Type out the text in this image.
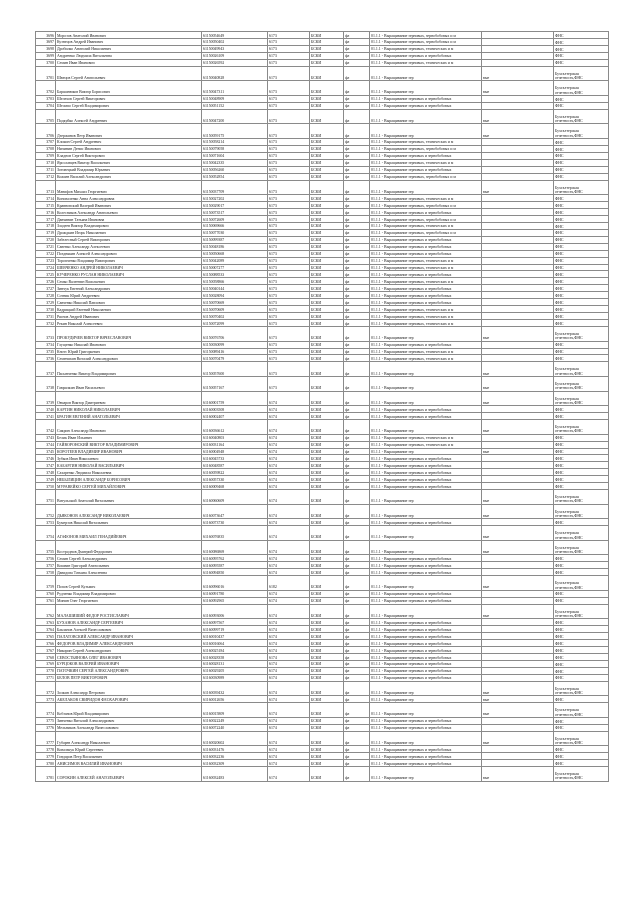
3696	Морозов Анатолий Иванович	61150054649	6173	БСКИ	фл	01.1.1 - Выращивание зерновых, зернобобовых и м		ФНС
3697	Кузнецов Андрей Иванович	61150050402	6173	БСКИ	фл	01.1.1 - Выращивание зерновых, зернобобовых и м		ФНС
3698	Дробилко Анатолий Николаевич	61150049943	6173	БСКИ	фл	01.1.1 - Выращивание зерновых, технических и м		ФНС
3699	Андреенко Людмила Витальевна	61150026109	6173	БСКИ	фл	01.1.1 - Выращивание зерновых и зернобобовых		ФНС
3700	Семин Иван Иванович	61150026592	6173	БСКИ	фл	01.1.1 - Выращивание зерновых, технических и м		ФНС
3701	Швецов Сергей Анатольевич	61150040828	6173	БСКИ	фл	01.1.1 - Выращивание зер	вые	Бухгалтерская отчетность,ФНС
3702	Барашнюков Виктор Борисович	61150047311	6173	БСКИ	фл	01.1.1 - Выращивание зер	вые	Бухгалтерская отчетность,ФНС
3703	Шелехов Сергей Викторович	61150048909	6173	БСКИ	фл	01.1.1 - Выращивание зерновых и зернобобовых		ФНС
3704	Штомпо Сергей Владимирович	61150051152	6173	БСКИ	фл	01.1.1 - Выращивание зерновых и зернобобовых		ФНС
3705	Подкуйко Алексей Андреевич	61150047200	6173	БСКИ	фл	01.1.1 - Выращивание зер	вые	Бухгалтерская отчетность,ФНС
3706	Дзержинов Петр Иванович	61150059175	6173	БСКИ	фл	01.1.1 - Выращивание зер	вые	Бухгалтерская отчетность,ФНС
3707	Клокин Сергей Андреевич	61150058214	6173	БСКИ	фл	01.1.1 - Выращивание зерновых, технических и м		ФНС
3708	Ничинин Денис Иванович	61150079058	6173	БСКИ	фл	01.1.1 - Выращивание зерновых, зернобобовых и м		ФНС
3709	Кладнов Сергей Викторович	61150071604	6173	БСКИ	фл	01.1.1 - Выращивание зерновых и зернобобовых		ФНС
3710	Ярославцев Виктор Васильевич	61150042335	6173	БСКИ	фл	01.1.1 - Выращивание зерновых, технических и м		ФНС
3711	Зотовецкий Владимир Юрьевич	61150056260	6173	БСКИ	фл	01.1.1 - Выращивание зерновых и зернобобовых		ФНС
3712	Кожаев Василий Александрович	61150052854	6173	БСКИ	фл	01.1.1 - Выращивание зерновых, зернобобовых и м		ФНС
3713	Манифов Михаил Георгиевич	61150037709	6173	БСКИ	фл	01.1.1 - Выращивание зер	вые	Бухгалтерская отчетность,ФНС
3714	Коноваленко Анна Александровна	61150027202	6173	БСКИ	фл	01.1.1 - Выращивание зерновых, технических и м		ФНС
3715	Кравновский Валерий Иванович	61150029017	6173	БСКИ	фл	01.1.1 - Выращивание зерновых, зернобобовых и м		ФНС
3716	Колесников Александр Анатольевич	61150073517	6173	БСКИ	фл	01.1.1 - Выращивание зерновых и зернобобовых		ФНС
3717	Давчинин Татьяна Ивановна	61150072609	6173	БСКИ	фл	01.1.1 - Выращивание зерновых, зернобобовых и м		ФНС
3718	Злодеев Виктор Владимирович	61150069666	6173	БСКИ	фл	01.1.1 - Выращивание зерновых, технических и м		ФНС
3719	Дрождкин Игорь Николаевич	61150077030	6173	БСКИ	фл	01.1.1 - Выращивание зерновых, зернобобовых и м		ФНС
3720	Забелесный Сергей Викторович	61150099387	6173	БСКИ	фл	01.1.1 - Выращивание зерновых и зернобобовых		ФНС
3721	Савенко Александр Алексеевич	61150048186	6173	БСКИ	фл	01.1.1 - Выращивание зерновых и зернобобовых		ФНС
3722	Позднякин Алексей Александрович	61150050668	6173	БСКИ	фл	01.1.1 - Выращивание зерновых и зернобобовых		ФНС
3723	Торопченко Владимир Викторович	61150042089	6173	БСКИ	фл	01.1.1 - Выращивание зерновых, технических и м		ФНС
3724	ШЕВЧЕНКО АНДРЕЙ НИКОЛАЕВИЧ	61150007277	6173	БСКИ	фл	01.1.1 - Выращивание зерновых, технических и м		ФНС
3725	КУЧЕРЕНКО РУСЛАН НИКОЛАЕВИЧ	61150088533	6173	БСКИ	фл	01.1.1 - Выращивание зерновых и зернобобовых		ФНС
3726	Семко Валентин Васильевич	61150058866	6173	БСКИ	фл	01.1.1 - Выращивание зерновых, технических и м		ФНС
3727	Зинчук Евгений Александрович	61150040144	6173	БСКИ	фл	01.1.1 - Выращивание зерновых и зернобобовых		ФНС
3728	Сотник Юрий Андреевич	61150028094	6173	БСКИ	фл	01.1.1 - Выращивание зерновых и зернобобовых		ФНС
3729	Савченко Николай Павлович	61150070669	6173	БСКИ	фл	01.1.1 - Выращивание зерновых и зернобобовых		ФНС
3730	Кадрицкий Евгений Николаевич	61150070609	6173	БСКИ	фл	01.1.1 - Выращивание зерновых, технических и м		ФНС
3731	Ряснов Андрей Иванович	61150070402	6173	БСКИ	фл	01.1.1 - Выращивание зерновых, технических и м		ФНС
3732	Рекин Николай Алексеевич	61150072099	6173	БСКИ	фл	01.1.1 - Выращивание зерновых, технических и м		ФНС
3733	ПРОКУДИЧЕВ ВИКТОР ВЯЧЕСЛАВОВИЧ	61150076706	6173	БСКИ	фл	01.1.1 - Выращивание зер	вые	Бухгалтерская отчетность,ФНС
3734	Глущенко Николай Иванович	61150030099	6173	БСКИ	фл	01.1.1 - Выращивание зерновых и зернобобовых		ФНС
3735	Кнотс Юрий Григорьевич	61150089416	6173	БСКИ	фл	01.1.1 - Выращивание зерновых, технических и м		ФНС
3736	Семенихин Виталий Александрович	61150070479	6173	БСКИ	фл	01.1.1 - Выращивание зерновых, технических и м		ФНС
3737	Пасынченко Виктор Владимирович	61150057600	6173	БСКИ	фл	01.1.1 - Выращивание зер	вые	Бухгалтерская отчетность,ФНС
3738	Гаврилкин Иван Васильевич	61150057167	6173	БСКИ	фл	01.1.1 - Выращивание зер	вые	Бухгалтерская отчетность,ФНС
3739	Овчаров Виктор Дмитриевич	61160001759	6174	БСКИ	фл	01.1.1 - Выращивание зер	вые	Бухгалтерская отчетность,ФНС
3740	КАРТИН НИКОЛАЙ НИКОЛАЕВИЧ	61160003508	6174	БСКИ	фл	01.1.1 - Выращивание зерновых и зернобобовых		ФНС
3741	БРАГИН ЕВГЕНИЙ АНАТОЛЬЕВИЧ	61160002407	6174	БСКИ	фл	01.1.1 - Выращивание зерновых и зернобобовых		ФНС
3742	Сикрин Александр Иванович	61160036612	6174	БСКИ	фл	01.1.1 - Выращивание зер	вые	Бухгалтерская отчетность,ФНС
3743	Белик Иван Ильинич	61160040803	6174	БСКИ	фл	01.1.1 - Выращивание зерновых, технических и м		ФНС
3744	ГАЙВОРОНСКИЙ ВИКТОР ВЛАДИМИРОВИЧ	61160031164	6174	БСКИ	фл	01.1.1 - Выращивание зерновых, технических и м		ФНС
3745	КОРОТЕЕВ ВЛАДИМИР ИВАНОВИЧ	61160004948	6174	БСКИ	фл	01.1.1 - Выращивание зер	вые	ФНС
3746	Зубков Иван Николаевич	61160045733	6174	БСКИ	фл	01.1.1 - Выращивание зерновых и зернобобовых		ФНС
3747	КАБАРГИН НИКОЛАЙ ВАСИЛЬЕВИЧ	61160048587	6174	БСКИ	фл	01.1.1 - Выращивание зерновых и зернобобовых		ФНС
3748	Сахаренко Людмила Николаевна	61160059822	6174	БСКИ	фл	01.1.1 - Выращивание зерновых и зернобобовых		ФНС
3749	НЕБЫЛИЦИН АЛЕКСАНДР БОРИСОВИЧ	61160057330	6174	БСКИ	фл	01.1.1 - Выращивание зерновых и зернобобовых		ФНС
3750	МУРАВЕЙКО СЕРГЕЙ МИХАЙЛОВИЧ	61160009468	6174	БСКИ	фл	01.1.1 - Выращивание зерновых и зернобобовых		ФНС
3751	Витульский Анатолий Витальевич	61160060609	6174	БСКИ	фл	01.1.1 - Выращивание зер	вые	Бухгалтерская отчетность,ФНС
3752	ДЬЯКОНОВ АЛЕКСАНДР НИКОЛАЕВИЧ	61160073647	6174	БСКИ	фл	01.1.1 - Выращивание зер	вые	Бухгалтерская отчетность,ФНС
3753	Бумерзов Николай Витальевич	61160073730	6174	БСКИ	фл	01.1.1 - Выращивание зерновых и зернобобовых		ФНС
3754	АГАФОНОВ МИХАИЛ ГЕНАДИЙЕВИЧ	61160076835	6174	БСКИ	фл	01.1.1 - Выращивание зер	вые	Бухгалтерская отчетность,ФНС
3755	Костроднов Дмитрий Федорович	61160086869	6174	БСКИ	фл	01.1.1 - Выращивание зер	вые	Бухгалтерская отчетность,ФНС
3756	Семин Сергей Александрович	61160095762	6174	БСКИ	фл	01.1.1 - Выращивание зерновых и зернобобовых		ФНС
3757	Кошвин Григорий Анатольевич	61160095587	6174	БСКИ	фл	01.1.1 - Выращивание зерновых и зернобобовых		ФНС
3758	Давидова Татьяна Алексеевна	61160094850	6174	БСКИ	фл	01.1.1 - Выращивание зерновых и зернобобовых		ФНС
3759	Попов Сергей Кузьмич	61160096016	6182	БСКИ	фл	01.1.1 - Выращивание зер	вые	Бухгалтерская отчетность,ФНС
3760	Рудченко Владимир Владимирович	61160091780	6174	БСКИ	фл	01.1.1 - Выращивание зерновых и зернобобовых		ФНС
3761	Минин Олег Георгиевич	61160092965	6174	БСКИ	фл	01.1.1 - Выращивание зерновых и зернобобовых		ФНС
3762	МАЛАШИШИЙ ФЕДОР РОСТИСЛАВИЧ	61160093006	6174	БСКИ	фл	01.1.1 - Выращивание зер	вые	Бухгалтерская отчетность,ФНС
3763	БУХАНОВ АЛЕКСАНДР СЕРГЕЕВИЧ	61160097567	6174	БСКИ	фл	01.1.1 - Выращивание зерновых и зернобобовых		ФНС
3764	Бакланов Алексей Вячеславович	61160099719	6174	БСКИ	фл	01.1.1 - Выращивание зерновых и зернобобовых		ФНС
3765	ПАЛАТОВСКИЙ АЛЕКСАНДР ИВАНОВИЧ	61160010437	6174	БСКИ	фл	01.1.1 - Выращивание зерновых и зернобобовых		ФНС
3766	ФЕДОРОВ ВЛАДИМИР АЛЕКСАНДРОВИЧ	61160016064	6174	БСКИ	фл	01.1.1 - Выращивание зерновых и зернобобовых		ФНС
3767	Никорин Сергей Александрович	61160025184	6174	БСКИ	фл	01.1.1 - Выращивание зерновых и зернобобовых		ФНС
3768	СЕВОСТЬЯНОВА ОЛЕГ ИВАНОВИЧ	61160028358	6174	БСКИ	фл	01.1.1 - Выращивание зерновых и зернобобовых		ФНС
3769	БУРЦОКОВ ВАЛЕРИЙ ИВАНОВИЧ	61160028131	6174	БСКИ	фл	01.1.1 - Выращивание зерновых и зернобобовых		ФНС
3770	ПАТОЧКИН СЕРГЕЙ АЛЕКСАНДРОВИЧ	61160029205	6174	БСКИ	фл	01.1.1 - Выращивание зерновых и зернобобовых		ФНС
3771	БЕЛОВ ПЕТР ВИКТОРОВИЧ	61160030989	6174	БСКИ	фл	01.1.1 - Выращивание зерновых и зернобобовых		ФНС
3772	Золкин Александр Петрович	61160039432	6174	БСКИ	фл	01.1.1 - Выращивание зер	вые	Бухгалтерская отчетность,ФНС
3773	АКЕЛАКОВ СВИРИДОН ФЕОХАРОВИЧ	61160012656	6174	БСКИ	фл	01.1.1 - Выращивание зер	вые	ФНС
3774	Кобзанов Юрий Владимирович	61160015809	6174	БСКИ	фл	01.1.1 - Выращивание зер	вые	Бухгалтерская отчетность,ФНС
3775	Зинченко Виталий Александрович	61160022249	6174	БСКИ	фл	01.1.1 - Выращивание зерновых и зернобобовых		ФНС
3776	Мельников Александр Вячеславович	61160072240	6174	БСКИ	фл	01.1.1 - Выращивание зерновых и зернобобовых		ФНС
3777	Губарев Александр Николаевич	61160020602	6174	БСКИ	фл	01.1.1 - Выращивание зер	вые	Бухгалтерская отчетность,ФНС
3778	Ковальчук Юрий Сергеевич	61160031476	6174	БСКИ	фл	01.1.1 - Выращивание зерновых и зернобобовых		ФНС
3779	Гондаров Петр Васильевич	61160032236	6174	БСКИ	фл	01.1.1 - Выращивание зерновых и зернобобовых		ФНС
3780	АНИСИМОВ ВАСИЛИЙ ИВАНОВИЧ	61160032309	6174	БСКИ	фл	01.1.1 - Выращивание зерновых и зернобобовых		ФНС
3781	СОРОКИН АЛЕКСЕЙ АНАТОЛЬЕВИЧ	61160032483	6174	БСКИ	фл	01.1.1 - Выращивание зер	вые	Бухгалтерская отчетность,ФНС
